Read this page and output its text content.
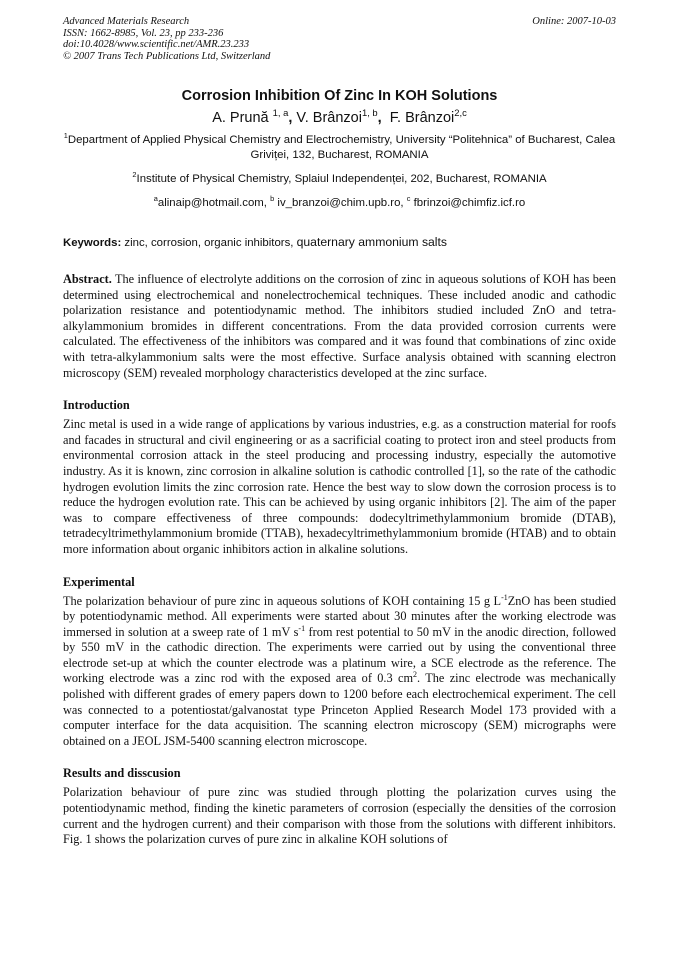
Advanced Materials Research
ISSN: 1662-8985, Vol. 23, pp 233-236
doi:10.4028/www.scientific.net/AMR.23.233
© 2007 Trans Tech Publications Ltd, Switzerland
Online: 2007-10-03
Corrosion Inhibition Of Zinc In KOH Solutions
A. Prună $^{1, a}$, V. Brânzoi$^{1, b}$, F. Brânzoi$^{2,c}$
$^1$Department of Applied Physical Chemistry and Electrochemistry, University “Politehnica” of Bucharest, Calea Griviței, 132, Bucharest, ROMANIA
$^2$Institute of Physical Chemistry, Splaiul Independenței, 202, Bucharest, ROMANIA
$^a$alinaip@hotmail.com, $^b$ iv_branzoi@chim.upb.ro, $^c$ fbrinzoi@chimfiz.icf.ro
Keywords: zinc, corrosion, organic inhibitors, quaternary ammonium salts

Abstract. The influence of electrolyte additions on the corrosion of zinc in aqueous solutions of KOH has been determined using electrochemical and nonelectrochemical techniques. These included anodic and cathodic polarization resistance and potentiodynamic method. The inhibitors studied included ZnO and tetra-alkylammonium bromides in different concentrations. From the data provided corrosion currents were calculated. The effectiveness of the inhibitors was compared and it was found that combinations of zinc oxide with tetra-alkylammonium salts were the most effective. Surface analysis obtained with scanning electron microscopy (SEM) revealed morphology characteristics developed at the zinc surface.

Introduction

Zinc metal is used in a wide range of applications by various industries, e.g. as a construction material for roofs and facades in structural and civil engineering or as a sacrificial coating to protect iron and steel products from environmental corrosion attack in the steel producing and processing industry, especially the automotive industry. As it is known, zinc corrosion in alkaline solution is cathodic controlled [1], so the rate of the cathodic hydrogen evolution limits the zinc corrosion rate. Hence the best way to slow down the corrosion process is to reduce the hydrogen evolution rate. This can be achieved by using organic inhibitors [2]. The aim of the paper was to compare effectiveness of three compounds: dodecyltrimethylammonium bromide (DTAB), tetradecyltrimethylammonium bromide (TTAB), hexadecyltrimethylammonium bromide (HTAB) and to obtain more information about organic inhibitors action in alkaline solutions.

Experimental

The polarization behaviour of pure zinc in aqueous solutions of KOH containing 15 g $L^{-1}ZnO$ has been studied by potentiodynamic method. All experiments were started about 30 minutes after the working electrode was immersed in solution at a sweep rate of 1 mV $s^{-1}$ from rest potential to 50 mV in the anodic direction, followed by 550 mV in the cathodic direction. The experiments were carried out by using the conventional three electrode set-up at which the counter electrode was a platinum wire, a SCE electrode as the reference. The working electrode was a zinc rod with the exposed area of 0.3 $cm^2$. The zinc electrode was mechanically polished with different grades of emery papers down to 1200 before each electrochemical experiment. The cell was connected to a potentiostat/galvanostat type Princeton Applied Research Model 173 provided with a computer interface for the data acquisition. The scanning electron microscopy (SEM) micrographs were obtained on a JEOL JSM-5400 scanning electron microscope.

Results and disscusion

Polarization behaviour of pure zinc was studied through plotting the polarization curves using the potentiodynamic method, finding the kinetic parameters of corrosion (especially the densities of the corrosion current and the hydrogen current) and their comparison with those from the solutions with different inhibitors. Fig. 1 shows the polarization curves of pure zinc in alkaline KOH solutions of
